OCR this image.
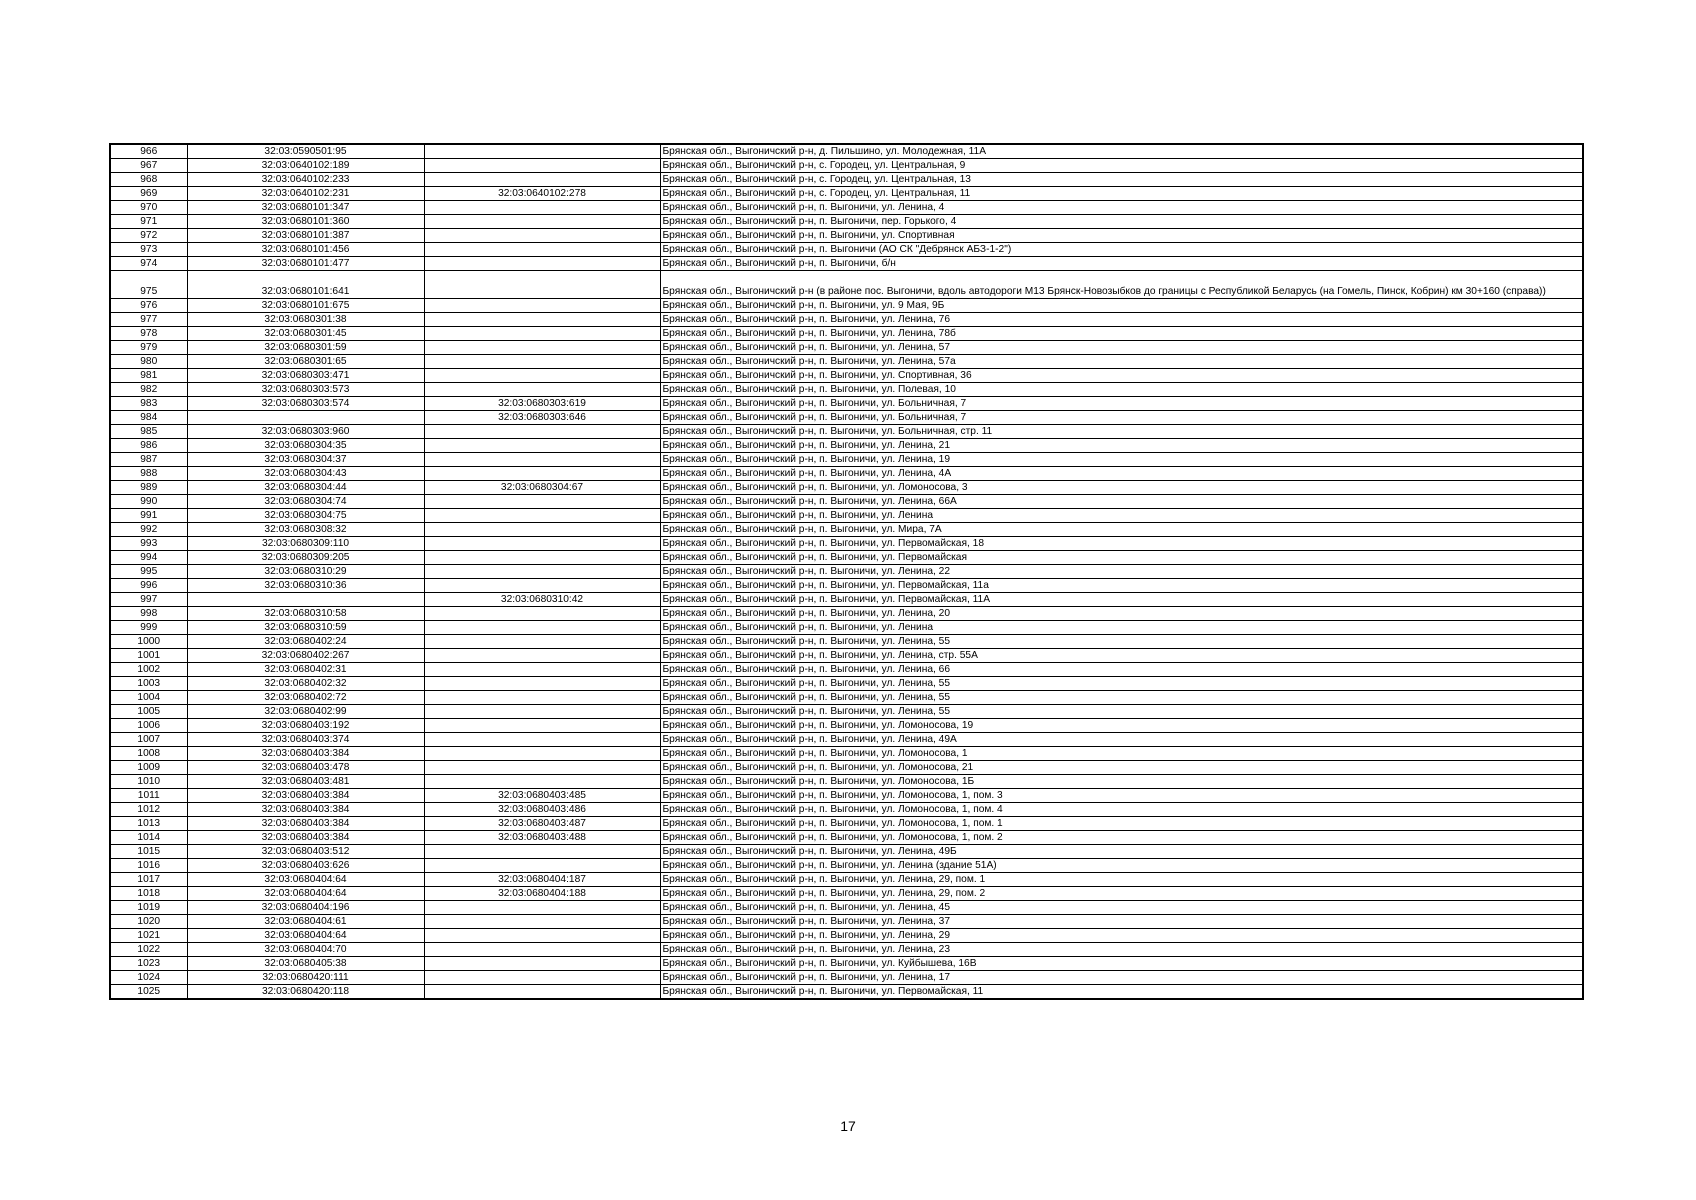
966	32:03:0590501:95		Брянская обл., Выгоничский р-н, д. Пильшино, ул. Молодежная, 11А
967	32:03:0640102:189		Брянская обл., Выгоничский р-н, с. Городец, ул. Центральная, 9
968	32:03:0640102:233		Брянская обл., Выгоничский р-н, с. Городец, ул. Центральная, 13
969	32:03:0640102:231	32:03:0640102:278	Брянская обл., Выгоничский р-н, с. Городец, ул. Центральная, 11
970	32:03:0680101:347		Брянская обл., Выгоничский р-н, п. Выгоничи, ул. Ленина, 4
971	32:03:0680101:360		Брянская обл., Выгоничский р-н, п. Выгоничи, пер. Горького, 4
972	32:03:0680101:387		Брянская обл., Выгоничский р-н, п. Выгоничи, ул. Спортивная
973	32:03:0680101:456		Брянская обл., Выгоничский р-н, п. Выгоничи (АО СК "Дебрянск АБЗ-1-2")
974	32:03:0680101:477		Брянская обл., Выгоничский р-н, п. Выгоничи, б/н
975	32:03:0680101:641		Брянская обл., Выгоничский р-н (в районе пос. Выгоничи, вдоль автодороги М13 Брянск-Новозыбков до границы с Республикой Беларусь (на Гомель, Пинск, Кобрин) км 30+160 (справа))
976	32:03:0680101:675		Брянская обл., Выгоничский р-н, п. Выгоничи, ул. 9 Мая, 9Б
977	32:03:0680301:38		Брянская обл., Выгоничский р-н, п. Выгоничи, ул. Ленина, 76
978	32:03:0680301:45		Брянская обл., Выгоничский р-н, п. Выгоничи, ул. Ленина, 78б
979	32:03:0680301:59		Брянская обл., Выгоничский р-н, п. Выгоничи, ул. Ленина, 57
980	32:03:0680301:65		Брянская обл., Выгоничский р-н, п. Выгоничи, ул. Ленина, 57а
981	32:03:0680303:471		Брянская обл., Выгоничский р-н, п. Выгоничи, ул. Спортивная, 36
982	32:03:0680303:573		Брянская обл., Выгоничский р-н, п. Выгоничи, ул. Полевая, 10
983	32:03:0680303:574	32:03:0680303:619	Брянская обл., Выгоничский р-н, п. Выгоничи, ул. Больничная, 7
984		32:03:0680303:646	Брянская обл., Выгоничский р-н, п. Выгоничи, ул. Больничная, 7
985	32:03:0680303:960		Брянская обл., Выгоничский р-н, п. Выгоничи, ул. Больничная, стр. 11
986	32:03:0680304:35		Брянская обл., Выгоничский р-н, п. Выгоничи, ул. Ленина, 21
987	32:03:0680304:37		Брянская обл., Выгоничский р-н, п. Выгоничи, ул. Ленина, 19
988	32:03:0680304:43		Брянская обл., Выгоничский р-н, п. Выгоничи, ул. Ленина, 4А
989	32:03:0680304:44	32:03:0680304:67	Брянская обл., Выгоничский р-н, п. Выгоничи, ул. Ломоносова, 3
990	32:03:0680304:74		Брянская обл., Выгоничский р-н, п. Выгоничи, ул. Ленина, 66А
991	32:03:0680304:75		Брянская обл., Выгоничский р-н, п. Выгоничи, ул. Ленина
992	32:03:0680308:32		Брянская обл., Выгоничский р-н, п. Выгоничи, ул. Мира, 7А
993	32:03:0680309:110		Брянская обл., Выгоничский р-н, п. Выгоничи, ул. Первомайская, 18
994	32:03:0680309:205		Брянская обл., Выгоничский р-н, п. Выгоничи, ул. Первомайская
995	32:03:0680310:29		Брянская обл., Выгоничский р-н, п. Выгоничи, ул. Ленина, 22
996	32:03:0680310:36		Брянская обл., Выгоничский р-н, п. Выгоничи, ул. Первомайская, 11а
997		32:03:0680310:42	Брянская обл., Выгоничский р-н, п. Выгоничи, ул. Первомайская, 11А
998	32:03:0680310:58		Брянская обл., Выгоничский р-н, п. Выгоничи, ул. Ленина, 20
999	32:03:0680310:59		Брянская обл., Выгоничский р-н, п. Выгоничи, ул. Ленина
1000	32:03:0680402:24		Брянская обл., Выгоничский р-н, п. Выгоничи, ул. Ленина, 55
1001	32:03:0680402:267		Брянская обл., Выгоничский р-н, п. Выгоничи, ул. Ленина, стр. 55А
1002	32:03:0680402:31		Брянская обл., Выгоничский р-н, п. Выгоничи, ул. Ленина, 66
1003	32:03:0680402:32		Брянская обл., Выгоничский р-н, п. Выгоничи, ул. Ленина, 55
1004	32:03:0680402:72		Брянская обл., Выгоничский р-н, п. Выгоничи, ул. Ленина, 55
1005	32:03:0680402:99		Брянская обл., Выгоничский р-н, п. Выгоничи, ул. Ленина, 55
1006	32:03:0680403:192		Брянская обл., Выгоничский р-н, п. Выгоничи, ул. Ломоносова, 19
1007	32:03:0680403:374		Брянская обл., Выгоничский р-н, п. Выгоничи, ул. Ленина, 49А
1008	32:03:0680403:384		Брянская обл., Выгоничский р-н, п. Выгоничи, ул. Ломоносова, 1
1009	32:03:0680403:478		Брянская обл., Выгоничский р-н, п. Выгоничи, ул. Ломоносова, 21
1010	32:03:0680403:481		Брянская обл., Выгоничский р-н, п. Выгоничи, ул. Ломоносова, 1Б
1011	32:03:0680403:384	32:03:0680403:485	Брянская обл., Выгоничский р-н, п. Выгоничи, ул. Ломоносова, 1, пом. 3
1012	32:03:0680403:384	32:03:0680403:486	Брянская обл., Выгоничский р-н, п. Выгоничи, ул. Ломоносова, 1, пом. 4
1013	32:03:0680403:384	32:03:0680403:487	Брянская обл., Выгоничский р-н, п. Выгоничи, ул. Ломоносова, 1, пом. 1
1014	32:03:0680403:384	32:03:0680403:488	Брянская обл., Выгоничский р-н, п. Выгоничи, ул. Ломоносова, 1, пом. 2
1015	32:03:0680403:512		Брянская обл., Выгоничский р-н, п. Выгоничи, ул. Ленина, 49Б
1016	32:03:0680403:626		Брянская обл., Выгоничский р-н, п. Выгоничи, ул. Ленина (здание 51А)
1017	32:03:0680404:64	32:03:0680404:187	Брянская обл., Выгоничский р-н, п. Выгоничи, ул. Ленина, 29, пом. 1
1018	32:03:0680404:64	32:03:0680404:188	Брянская обл., Выгоничский р-н, п. Выгоничи, ул. Ленина, 29, пом. 2
1019	32:03:0680404:196		Брянская обл., Выгоничский р-н, п. Выгоничи, ул. Ленина, 45
1020	32:03:0680404:61		Брянская обл., Выгоничский р-н, п. Выгоничи, ул. Ленина, 37
1021	32:03:0680404:64		Брянская обл., Выгоничский р-н, п. Выгоничи, ул. Ленина, 29
1022	32:03:0680404:70		Брянская обл., Выгоничский р-н, п. Выгоничи, ул. Ленина, 23
1023	32:03:0680405:38		Брянская обл., Выгоничский р-н, п. Выгоничи, ул. Куйбышева, 16В
1024	32:03:0680420:111		Брянская обл., Выгоничский р-н, п. Выгоничи, ул. Ленина, 17
1025	32:03:0680420:118		Брянская обл., Выгоничский р-н, п. Выгоничи, ул. Первомайская, 11
17
